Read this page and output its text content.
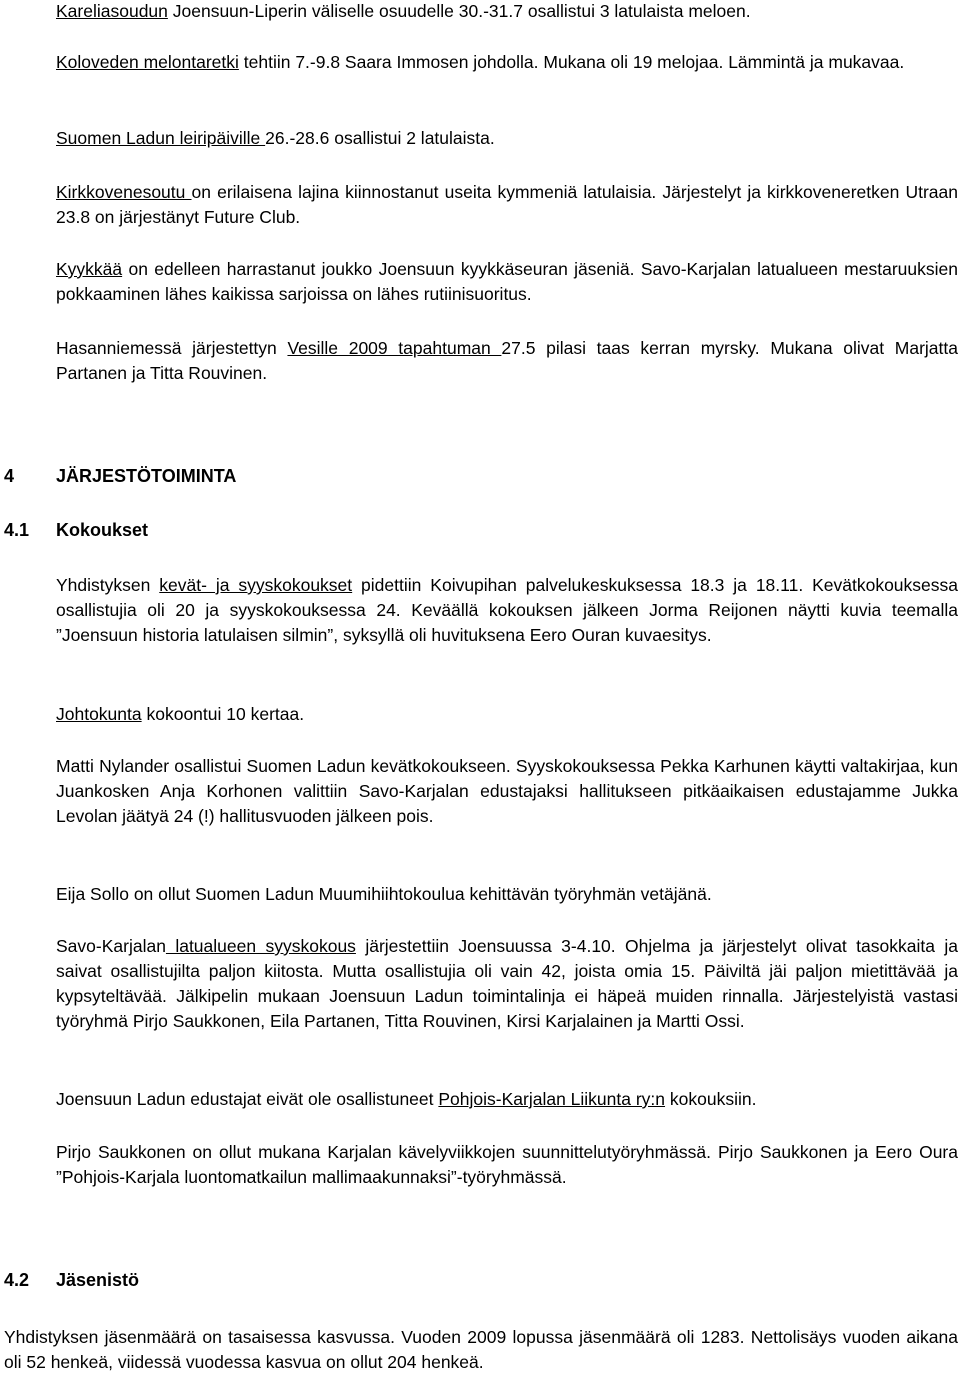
Kareliasoudun Joensuun-Liperin väliselle osuudelle 30.-31.7 osallistui 3 latulaista meloen.

Koloveden melontaretki tehtiin 7.-9.8 Saara Immosen johdolla. Mukana oli 19 melojaa. Lämmintä ja mukavaa.

Suomen Ladun leiripäiville 26.-28.6 osallistui 2 latulaista.

Kirkkovenesoutu on erilaisena lajina kiinnostanut useita kymmeniä latulaisia. Järjestelyt ja kirkkoveneretken Utraan 23.8 on järjestänyt Future Club.

Kyykkää on edelleen harrastanut joukko Joensuun kyykkäseuran jäseniä. Savo-Karjalan latualueen mestaruuksien pokkaaminen lähes kaikissa sarjoissa on lähes rutiinisuoritus.

Hasanniemessä järjestettyn Vesille 2009 tapahtuman 27.5 pilasi taas kerran myrsky. Mukana olivat Marjatta Partanen ja Titta Rouvinen.

4 JÄRJESTÖTOIMINTA
4.1 Kokoukset

Yhdistyksen kevät- ja syyskokoukset pidettiin Koivupihan palvelukeskuksessa 18.3 ja 18.11. Kevätkokouksessa osallistujia oli 20 ja syyskokouksessa 24. Keväällä kokouksen jälkeen Jorma Reijonen näytti kuvia teemalla ”Joensuun historia latulaisen silmin”, syksyllä oli huvituksena Eero Ouran kuvaesitys.

Johtokunta kokoontui 10 kertaa.

Matti Nylander osallistui Suomen Ladun kevätkokoukseen. Syyskokouksessa Pekka Karhunen käytti valtakirjaa, kun Juankosken Anja Korhonen valittiin Savo-Karjalan edustajaksi hallitukseen pitkäaikaisen edustajamme Jukka Levolan jäätyä 24 (!) hallitusvuoden jälkeen pois.

Eija Sollo on ollut Suomen Ladun Muumihiihtokoulua kehittävän työryhmän vetäjänä.

Savo-Karjalan latualueen syyskokous järjestettiin Joensuussa 3-4.10. Ohjelma ja järjestelyt olivat tasokkaita ja saivat osallistujilta paljon kiitosta. Mutta osallistujia oli vain 42, joista omia 15. Päiviltä jäi paljon mietittävää ja kypsyteltävää. Jälkipelin mukaan Joensuun Ladun toimintalinja ei häpeä muiden rinnalla. Järjestelyistä vastasi työryhmä Pirjo Saukkonen, Eila Partanen, Titta Rouvinen, Kirsi Karjalainen ja Martti Ossi.

Joensuun Ladun edustajat eivät ole osallistuneet Pohjois-Karjalan Liikunta ry:n kokouksiin.

Pirjo Saukkonen on ollut mukana Karjalan kävelyviikkojen suunnittelutyöryhmässä. Pirjo Saukkonen ja Eero Oura ”Pohjois-Karjala luontomatkailun mallimaakunnaksi”-työryhmässä.

4.2 Jäsenistö

Yhdistyksen jäsenmäärä on tasaisessa kasvussa. Vuoden 2009 lopussa jäsenmäärä oli 1283. Nettolisäys vuoden aikana oli 52 henkeä, viidessä vuodessa kasvua on ollut 204 henkeä.
